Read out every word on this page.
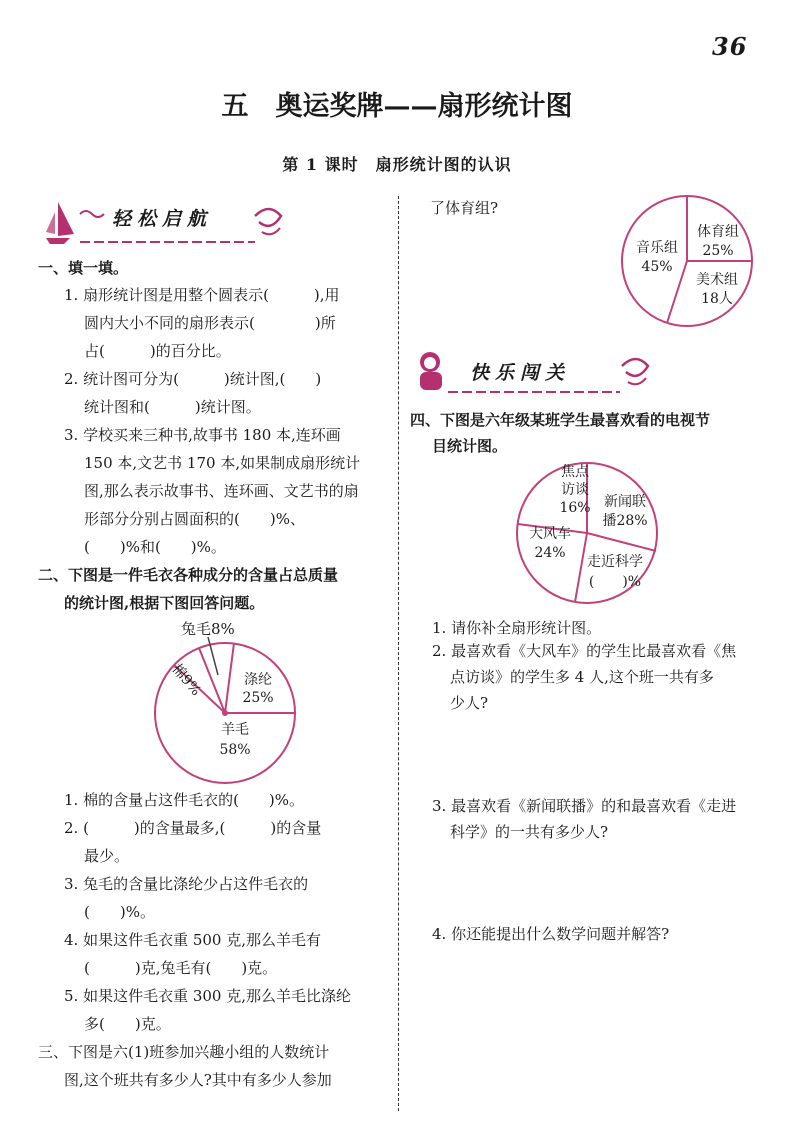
36
五　奥运奖牌——扇形统计图
第 1 课时　扇形统计图的认识
轻松启航
快乐闯关
一、填一填。
1. 扇形统计图是用整个圆表示(　　　),用
圆内大小不同的扇形表示(　　　　)所
占(　　　)的百分比。
2. 统计图可分为(　　　)统计图,(　　)
统计图和(　　　)统计图。
3. 学校买来三种书,故事书 180 本,连环画
150 本,文艺书 170 本,如果制成扇形统计
图,那么表示故事书、连环画、文艺书的扇
形部分分别占圆面积的(　　)%、
(　　)%和(　　)%。
二、下图是一件毛衣各种成分的含量占总质量
的统计图,根据下图回答问题。
兔毛8%
棉9%	涤纶
25%
羊毛
58%
1. 棉的含量占这件毛衣的(　　)%。
2. (　　　)的含量最多,(　　　)的含量
最少。
3. 兔毛的含量比涤纶少占这件毛衣的
(　　)%。
4. 如果这件毛衣重 500 克,那么羊毛有
(　　　)克,兔毛有(　　)克。
5. 如果这件毛衣重 300 克,那么羊毛比涤纶
多(　　)克。
三、下图是六(1)班参加兴趣小组的人数统计
图,这个班共有多少人?其中有多少人参加
了体育组?
音乐组
45%
体育组
25%
美术组
18人
四、下图是六年级某班学生最喜欢看的电视节
目统计图。
焦点
访谈
16% 新闻联
播28%
大风车
24%
走近科学
(　　)%
1. 请你补全扇形统计图。
2. 最喜欢看《大风车》的学生比最喜欢看《焦
点访谈》的学生多 4 人,这个班一共有多
少人?
3. 最喜欢看《新闻联播》的和最喜欢看《走进
科学》的一共有多少人?
4. 你还能提出什么数学问题并解答?
